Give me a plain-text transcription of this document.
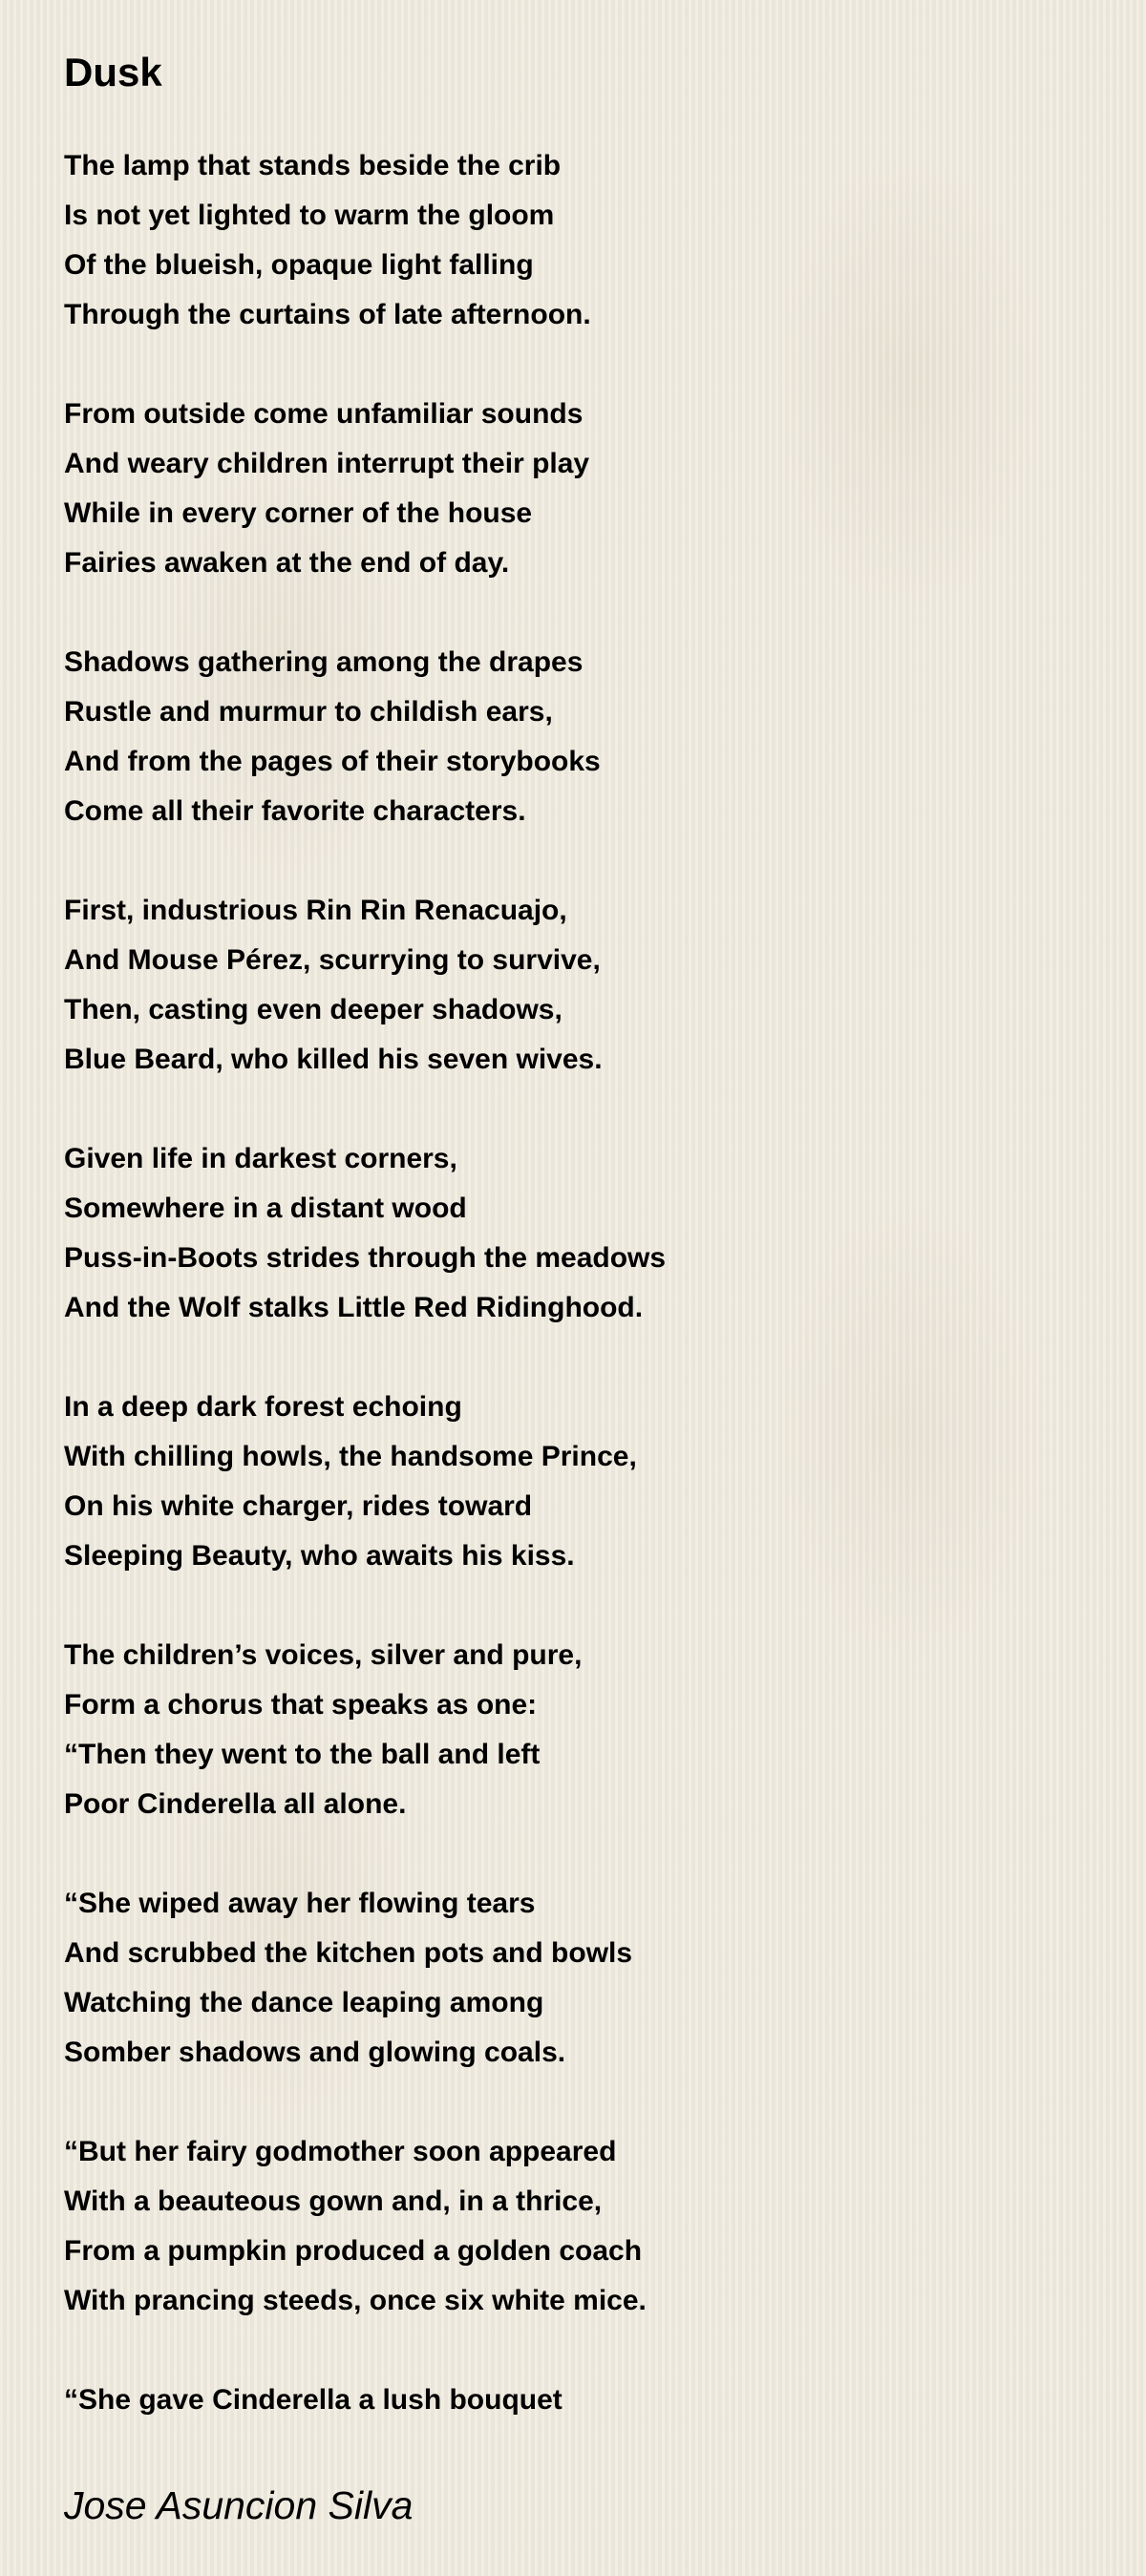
Dusk
The lamp that stands beside the crib
Is not yet lighted to warm the gloom
Of the blueish, opaque light falling
Through the curtains of late afternoon.
From outside come unfamiliar sounds
And weary children interrupt their play
While in every corner of the house
Fairies awaken at the end of day.
Shadows gathering among the drapes
Rustle and murmur to childish ears,
And from the pages of their storybooks
Come all their favorite characters.
First, industrious Rin Rin Renacuajo,
And Mouse Pérez, scurrying to survive,
Then, casting even deeper shadows,
Blue Beard, who killed his seven wives.
Given life in darkest corners,
Somewhere in a distant wood
Puss-in-Boots strides through the meadows
And the Wolf stalks Little Red Ridinghood.
In a deep dark forest echoing
With chilling howls, the handsome Prince,
On his white charger, rides toward
Sleeping Beauty, who awaits his kiss.
The children’s voices, silver and pure,
Form a chorus that speaks as one:
“Then they went to the ball and left
Poor Cinderella all alone.
“She wiped away her flowing tears
And scrubbed the kitchen pots and bowls
Watching the dance leaping among
Somber shadows and glowing coals.
“But her fairy godmother soon appeared
With a beauteous gown and, in a thrice,
From a pumpkin produced a golden coach
With prancing steeds, once six white mice.
“She gave Cinderella a lush bouquet
Jose Asuncion Silva
